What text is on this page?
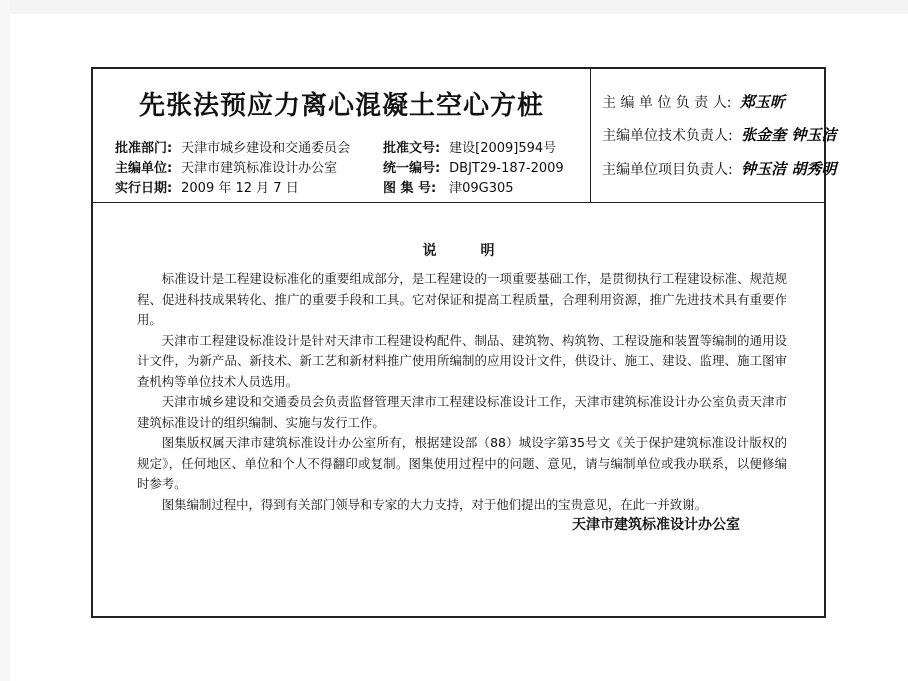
先张法预应力离心混凝土空心方桩
批准部门: 天津市城乡建设和交通委员会
主编单位: 天津市建筑标准设计办公室
实行日期: 2009 年 12 月 7 日
批准文号: 建设[2009]594号
统一编号: DBJT29-187-2009
图 集 号: 津09G305
主 编 单 位 负 责 人: 郑玉昕
主编单位技术负责人: 张金奎 钟玉洁
主编单位项目负责人: 钟玉洁 胡秀明
说明

标准设计是工程建设标准化的重要组成部分，是工程建设的一项重要基础工作，是贯彻执行工程建设标准、规范规程、促进科技成果转化、推广的重要手段和工具。它对保证和提高工程质量，合理利用资源，推广先进技术具有重要作用。

天津市工程建设标准设计是针对天津市工程建设构配件、制品、建筑物、构筑物、工程设施和装置等编制的通用设计文件，为新产品、新技术、新工艺和新材料推广使用所编制的应用设计文件，供设计、施工、建设、监理、施工图审查机构等单位技术人员选用。

天津市城乡建设和交通委员会负责监督管理天津市工程建设标准设计工作，天津市建筑标准设计办公室负责天津市建筑标准设计的组织编制、实施与发行工作。

图集版权属天津市建筑标准设计办公室所有，根据建设部（88）城设字第35号文《关于保护建筑标准设计版权的规定》，任何地区、单位和个人不得翻印或复制。图集使用过程中的问题、意见，请与编制单位或我办联系，以便修编时参考。

图集编制过程中，得到有关部门领导和专家的大力支持，对于他们提出的宝贵意见，在此一并致谢。

天津市建筑标准设计办公室
